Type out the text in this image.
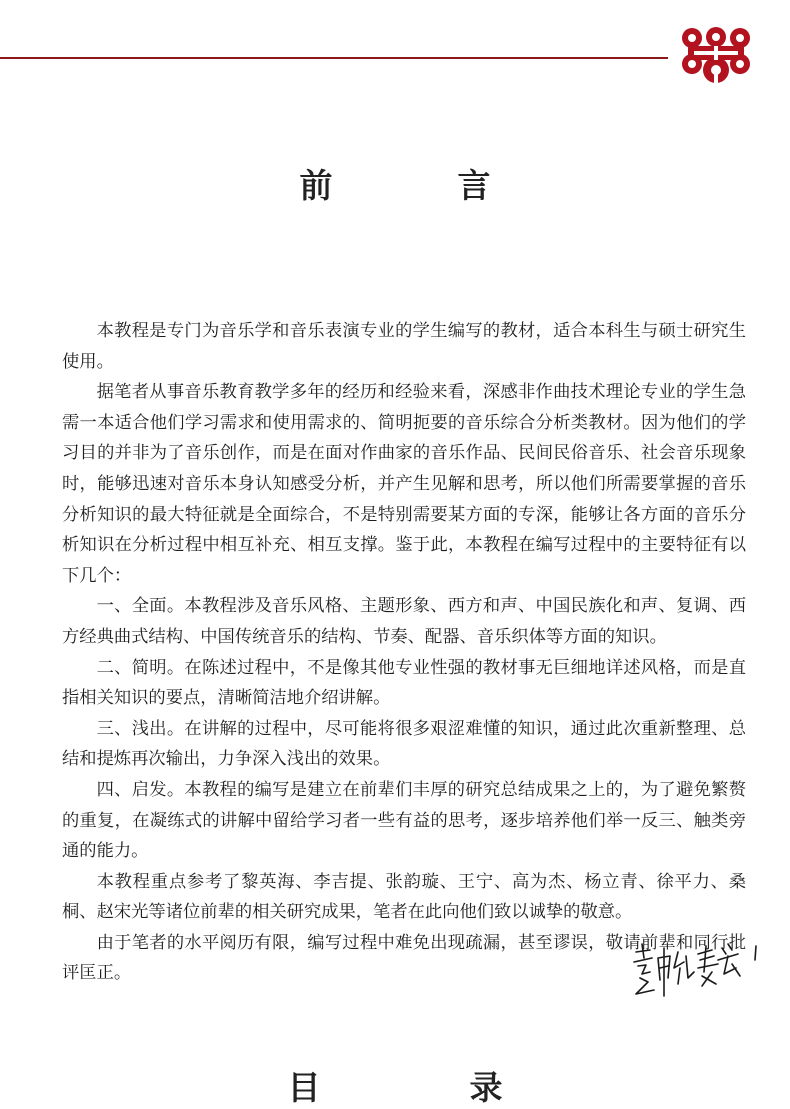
前　言

本教程是专门为音乐学和音乐表演专业的学生编写的教材，适合本科生与硕士研究生使用。

据笔者从事音乐教育教学多年的经历和经验来看，深感非作曲技术理论专业的学生急需一本适合他们学习需求和使用需求的、简明扼要的音乐综合分析类教材。因为他们的学习目的并非为了音乐创作，而是在面对作曲家的音乐作品、民间民俗音乐、社会音乐现象时，能够迅速对音乐本身认知感受分析，并产生见解和思考，所以他们所需要掌握的音乐分析知识的最大特征就是全面综合，不是特别需要某方面的专深，能够让各方面的音乐分析知识在分析过程中相互补充、相互支撑。鉴于此，本教程在编写过程中的主要特征有以下几个：

一、全面。本教程涉及音乐风格、主题形象、西方和声、中国民族化和声、复调、西方经典曲式结构、中国传统音乐的结构、节奏、配器、音乐织体等方面的知识。

二、简明。在陈述过程中，不是像其他专业性强的教材事无巨细地详述风格，而是直指相关知识的要点，清晰简洁地介绍讲解。

三、浅出。在讲解的过程中，尽可能将很多艰涩难懂的知识，通过此次重新整理、总结和提炼再次输出，力争深入浅出的效果。

四、启发。本教程的编写是建立在前辈们丰厚的研究总结成果之上的，为了避免繁赘的重复，在凝练式的讲解中留给学习者一些有益的思考，逐步培养他们举一反三、触类旁通的能力。

本教程重点参考了黎英海、李吉提、张韵璇、王宁、高为杰、杨立青、徐平力、桑桐、赵宋光等诸位前辈的相关研究成果，笔者在此向他们致以诚挚的敬意。

由于笔者的水平阅历有限，编写过程中难免出现疏漏，甚至谬误，敬请前辈和同行批评匡正。

目　录
